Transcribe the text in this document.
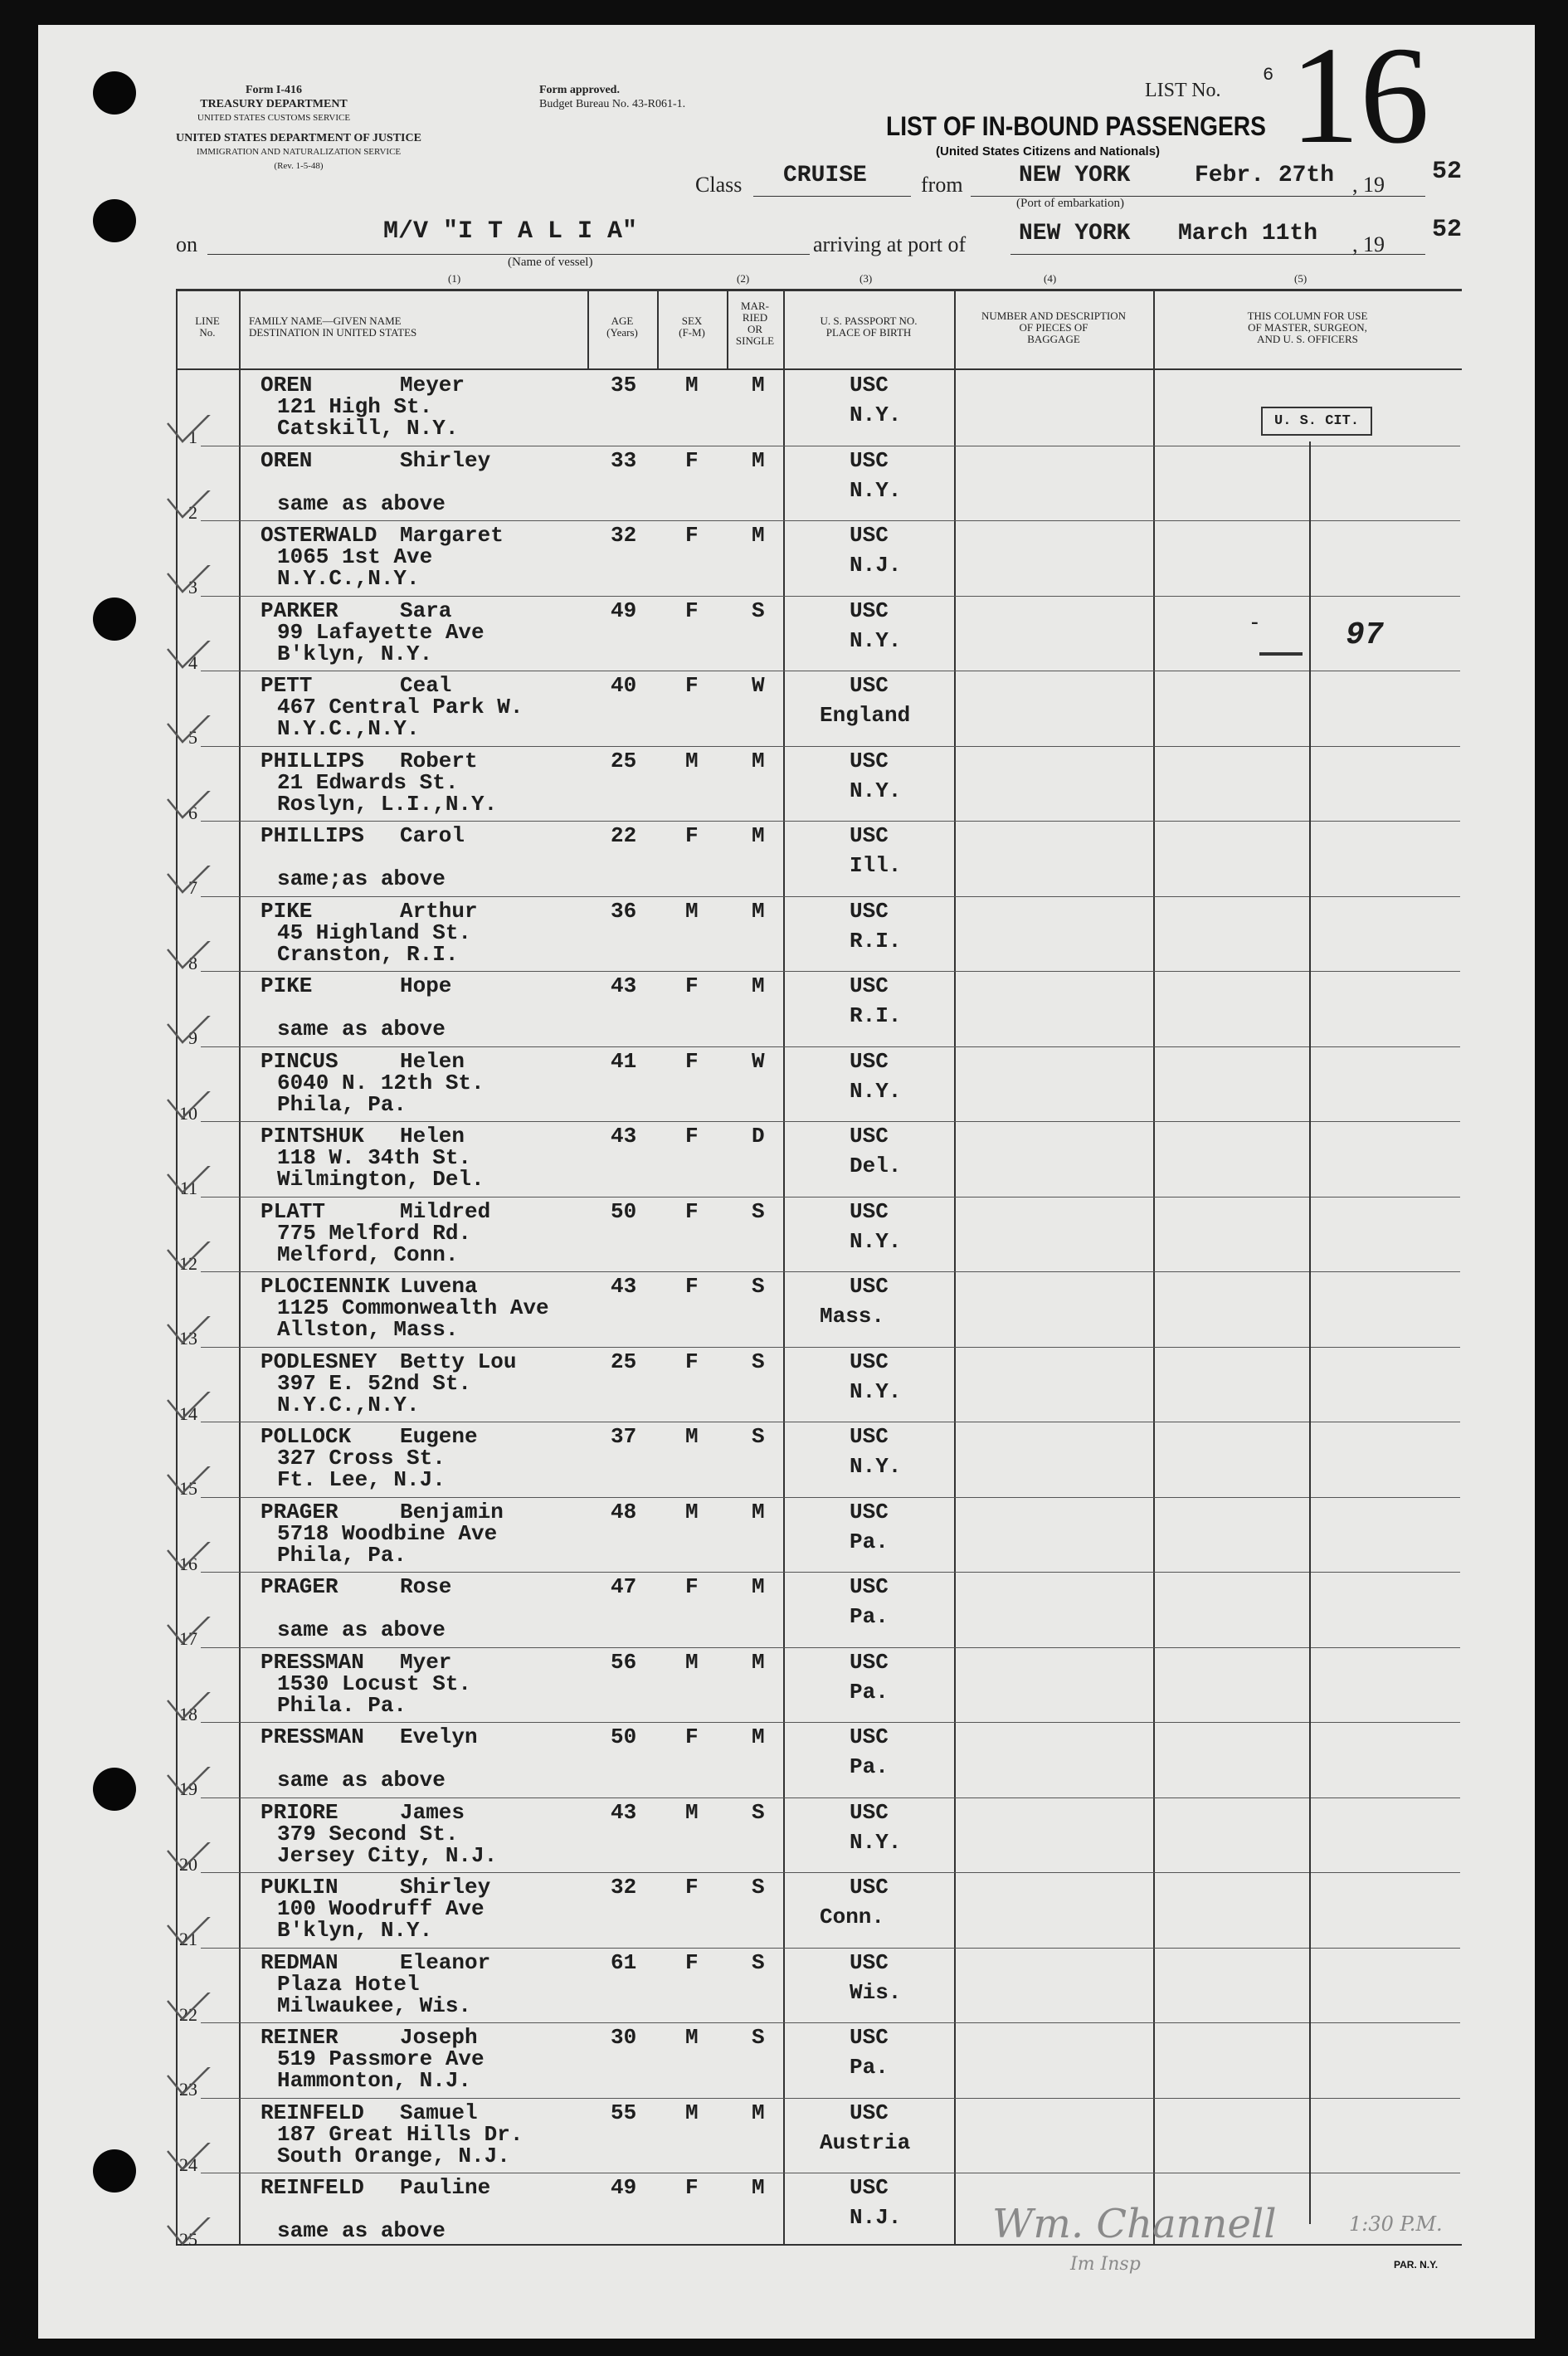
Form I-416
TREASURY DEPARTMENT
UNITED STATES CUSTOMS SERVICE
UNITED STATES DEPARTMENT OF JUSTICE
IMMIGRATION AND NATURALIZATION SERVICE
(Rev. 1-5-48)
Form approved.
Budget Bureau No. 43-R061-1.
LIST No.
6 16
LIST OF IN-BOUND PASSENGERS
(United States Citizens and Nationals)
Class CRUISE	from NEW YORK	Febr. 27th
(Port of embarkation)
, 19 52
on	M/V "I T A L I A"
(Name of vessel)
arriving at port of NEW YORK March 11th , 19
52
(1)	(2)	(3)	(4)	(5)
LINE
No.
FAMILY NAME—GIVEN NAME
DESTINATION IN UNITED STATES
AGE
(Years)
SEX
(F-M)
MAR-
RIED
OR
SINGLE
U. S. PASSPORT NO.
PLACE OF BIRTH
NUMBER AND DESCRIPTION
OF PIECES OF
BAGGAGE
THIS COLUMN FOR USE
OF MASTER, SURGEON,
AND U. S. OFFICERS
1
OREN	Meyer
121 High St.
Catskill, N.Y.
35 M M	USC
N.Y.
2
OREN	Shirley
same as above
33 F M	USC
N.Y.
3
OSTERWALD Margaret
1065 1st Ave
N.Y.C.,N.Y.
32 F M	USC
N.J.
4
PARKER	Sara
99 Lafayette Ave
B'klyn, N.Y.
49 F S	USC
N.Y.
5
PETT	Ceal
467 Central Park W.
N.Y.C.,N.Y.
40 F W	USC
England
6
PHILLIPS Robert
21 Edwards St.
Roslyn, L.I.,N.Y.
25 M M	USC
N.Y.
7
PHILLIPS Carol
same;as above
22 F M	USC
Ill.
8
PIKE	Arthur
45 Highland St.
Cranston, R.I.
36 M M	USC
R.I.
9
PIKE	Hope
same as above
43 F M	USC
R.I.
10
PINCUS	Helen
6040 N. 12th St.
Phila, Pa.
41 F W	USC
N.Y.
11
PINTSHUK Helen
118 W. 34th St.
Wilmington, Del.
43 F D	USC
Del.
12
PLATT	Mildred
775 Melford Rd.
Melford, Conn.
50 F S	USC
N.Y.
13
PLOCIENNIK Luvena
1125 Commonwealth Ave
Allston, Mass.
43 F S	USC
Mass.
14
PODLESNEY Betty Lou
397 E. 52nd St.
N.Y.C.,N.Y.
25 F S	USC
N.Y.
15
POLLOCK Eugene
327 Cross St.
Ft. Lee, N.J.
37 M S	USC
N.Y.
16
PRAGER	Benjamin
5718 Woodbine Ave
Phila, Pa.
48 M M	USC
Pa.
17
PRAGER	Rose
same as above
47 F M	USC
Pa.
18
PRESSMAN Myer
1530 Locust St.
Phila. Pa.
56 M M	USC
Pa.
19
PRESSMAN Evelyn
same as above
50 F M	USC
Pa.
20
PRIORE	James
379 Second St.
Jersey City, N.J.
43 M S	USC
N.Y.
21
PUKLIN	Shirley
100 Woodruff Ave
B'klyn, N.Y.
32 F S	USC
Conn.
22
REDMAN	Eleanor
Plaza Hotel
Milwaukee, Wis.
61 F S	USC
Wis.
23
REINER	Joseph
519 Passmore Ave
Hammonton, N.J.
30 M S	USC
Pa.
24
REINFELD Samuel
187 Great Hills Dr.
South Orange, N.J.
55 M M	USC
Austria
25
REINFELD Pauline
same as above
49 F M	USC
N.J.
U. S. CIT.
-	97
Wm. Channell
Im Insp
1:30 P.M.
PAR. N.Y.
